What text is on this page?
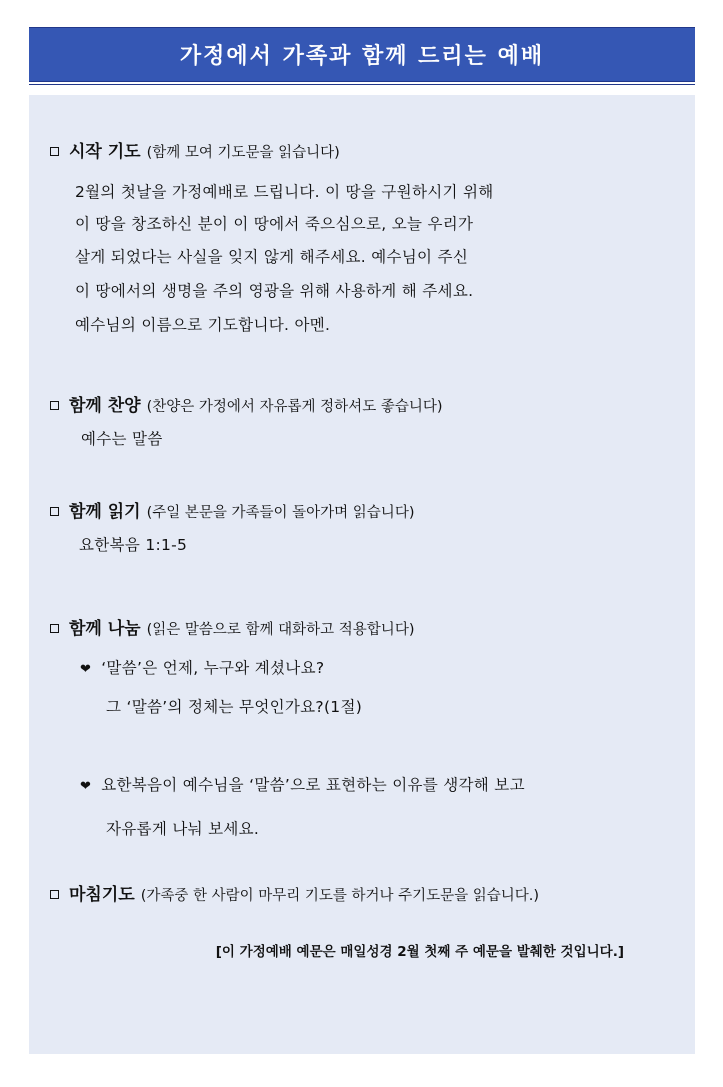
가정에서 가족과 함께 드리는 예배
시작 기도 (함께 모여 기도문을 읽습니다)
2월의 첫날을 가정예배로 드립니다. 이 땅을 구원하시기 위해
이 땅을 창조하신 분이 이 땅에서 죽으심으로, 오늘 우리가
살게 되었다는 사실을 잊지 않게 해주세요. 예수님이 주신
이 땅에서의 생명을 주의 영광을 위해 사용하게 해 주세요.
예수님의 이름으로 기도합니다. 아멘.
함께 찬양 (찬양은 가정에서 자유롭게 정하셔도 좋습니다)
예수는 말씀
함께 읽기 (주일 본문을 가족들이 돌아가며 읽습니다)
요한복음 1:1-5
함께 나눔 (읽은 말씀으로 함께 대화하고 적용합니다)
❤ ‘말씀’은 언제, 누구와 계셨나요?
그 ‘말씀’의 정체는 무엇인가요?(1절)
❤ 요한복음이 예수님을 ‘말씀’으로 표현하는 이유를 생각해 보고
자유롭게 나눠 보세요.
마침기도 (가족중 한 사람이 마무리 기도를 하거나 주기도문을 읽습니다.)
[이 가정예배 예문은 매일성경 2월 첫째 주 예문을 발췌한 것입니다.]
